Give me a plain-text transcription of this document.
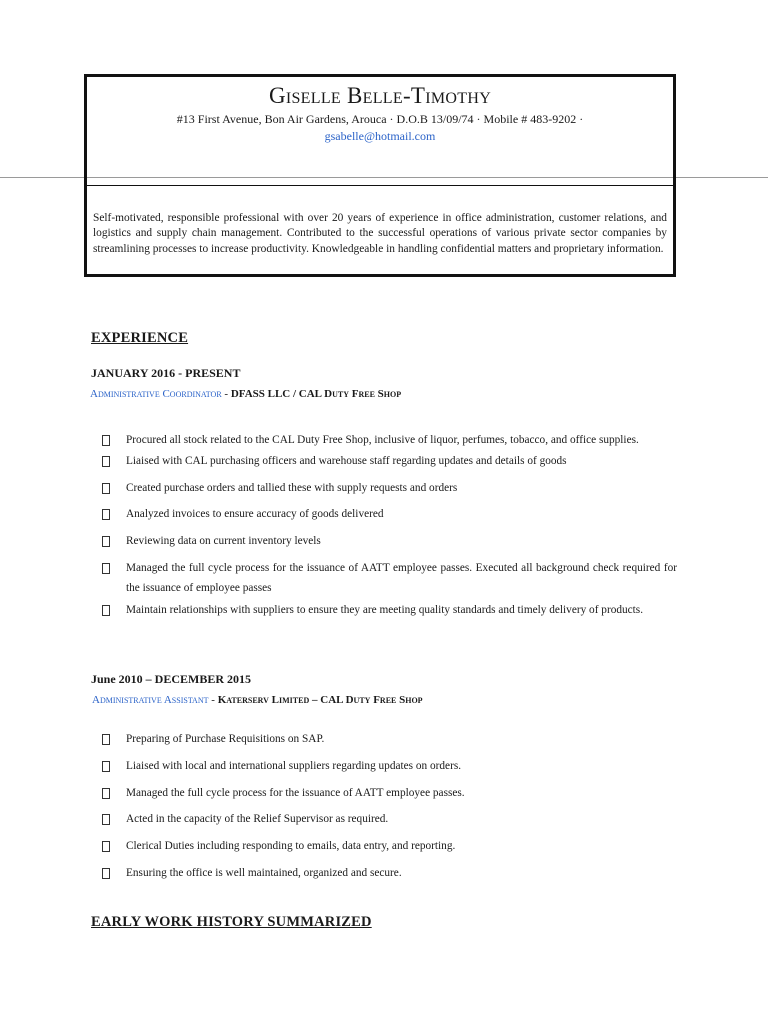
Giselle Belle-Timothy
#13 First Avenue, Bon Air Gardens, Arouca · D.O.B 13/09/74 · Mobile # 483-9202 ·
gsabelle@hotmail.com
Self-motivated, responsible professional with over 20 years of experience in office administration, customer relations, and logistics and supply chain management. Contributed to the successful operations of various private sector companies by streamlining processes to increase productivity. Knowledgeable in handling confidential matters and proprietary information.
EXPERIENCE
JANUARY 2016 - PRESENT
Administrative Coordinator - DFASS LLC / CAL Duty Free Shop
Procured all stock related to the CAL Duty Free Shop, inclusive of liquor, perfumes, tobacco, and office supplies.
Liaised with CAL purchasing officers and warehouse staff regarding updates and details of goods
Created purchase orders and tallied these with supply requests and orders
Analyzed invoices to ensure accuracy of goods delivered
Reviewing data on current inventory levels
Managed the full cycle process for the issuance of AATT employee passes. Executed all background check required for the issuance of employee passes
Maintain relationships with suppliers to ensure they are meeting quality standards and timely delivery of products.
June 2010 – DECEMBER 2015
Administrative Assistant - Katerserv Limited – CAL Duty Free Shop
Preparing of Purchase Requisitions on SAP.
Liaised with local and international suppliers regarding updates on orders.
Managed the full cycle process for the issuance of AATT employee passes.
Acted in the capacity of the Relief Supervisor as required.
Clerical Duties including responding to emails, data entry, and reporting.
Ensuring the office is well maintained, organized and secure.
EARLY WORK HISTORY SUMMARIZED
